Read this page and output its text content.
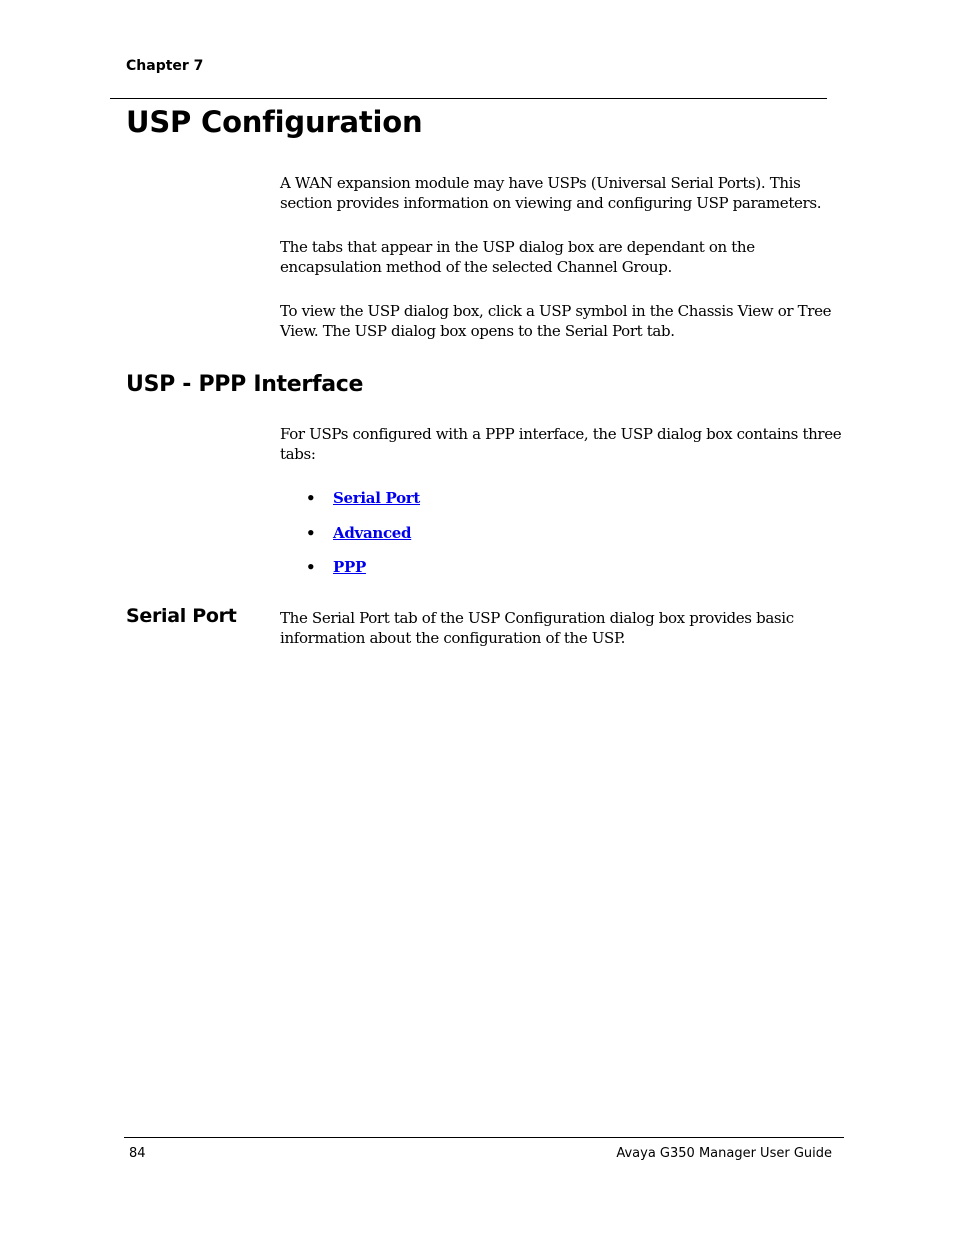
Chapter 7
USP Configuration

A WAN expansion module may have USPs (Universal Serial Ports). This section provides information on viewing and configuring USP parameters.

The tabs that appear in the USP dialog box are dependant on the encapsulation method of the selected Channel Group.

To view the USP dialog box, click a USP symbol in the Chassis View or Tree View. The USP dialog box opens to the Serial Port tab.

USP - PPP Interface

For USPs configured with a PPP interface, the USP dialog box contains three tabs:

• Serial Port
• Advanced
• PPP
Serial Port	The Serial Port tab of the USP Configuration dialog box provides basic information about the configuration of the USP.

84	Avaya G350 Manager User Guide
